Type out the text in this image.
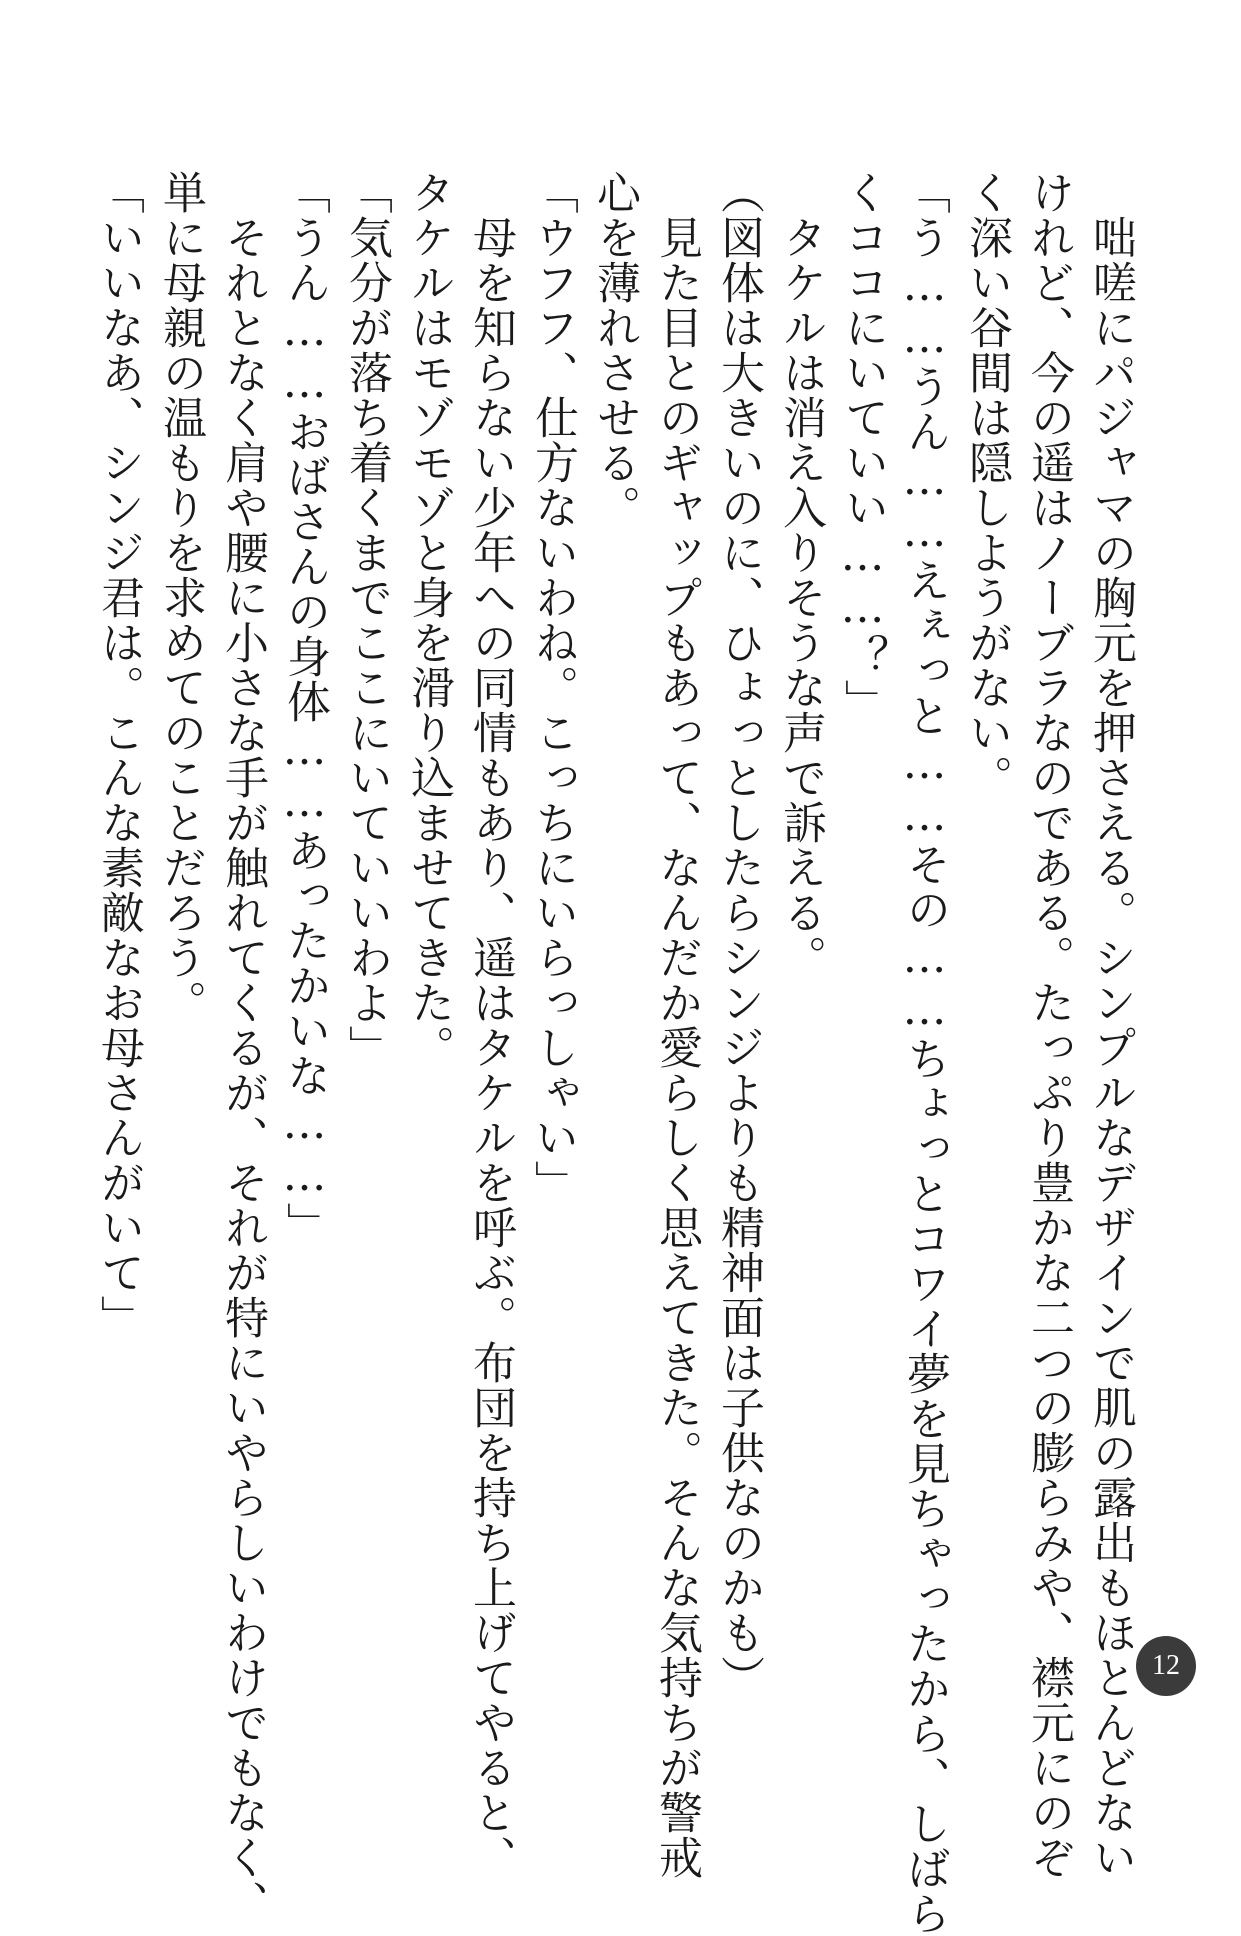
　咄嗟にパジャマの胸元を押さえる。シンプルなデザインで肌の露出もほとんどない

けれど、今の遥はノーブラなのである。たっぷり豊かな二つの膨らみや、襟元にのぞ

く深い谷間は隠しようがない。

「う……うん……えぇっと……その……ちょっとコワイ夢を見ちゃったから、しばら

くココにいていい……？」

　タケルは消え入りそうな声で訴える。

（図体は大きいのに、ひょっとしたらシンジよりも精神面は子供なのかも）

　見た目とのギャップもあって、なんだか愛らしく思えてきた。そんな気持ちが警戒

心を薄れさせる。

「ウフフ、仕方ないわね。こっちにいらっしゃい」

　母を知らない少年への同情もあり、遥はタケルを呼ぶ。布団を持ち上げてやると、

タケルはモゾモゾと身を滑り込ませてきた。

「気分が落ち着くまでここにいていいわよ」

「うん……おばさんの身体……あったかいな……」

　それとなく肩や腰に小さな手が触れてくるが、それが特にいやらしいわけでもなく、

単に母親の温もりを求めてのことだろう。

「いいなあ、シンジ君は。こんな素敵なお母さんがいて」

12
